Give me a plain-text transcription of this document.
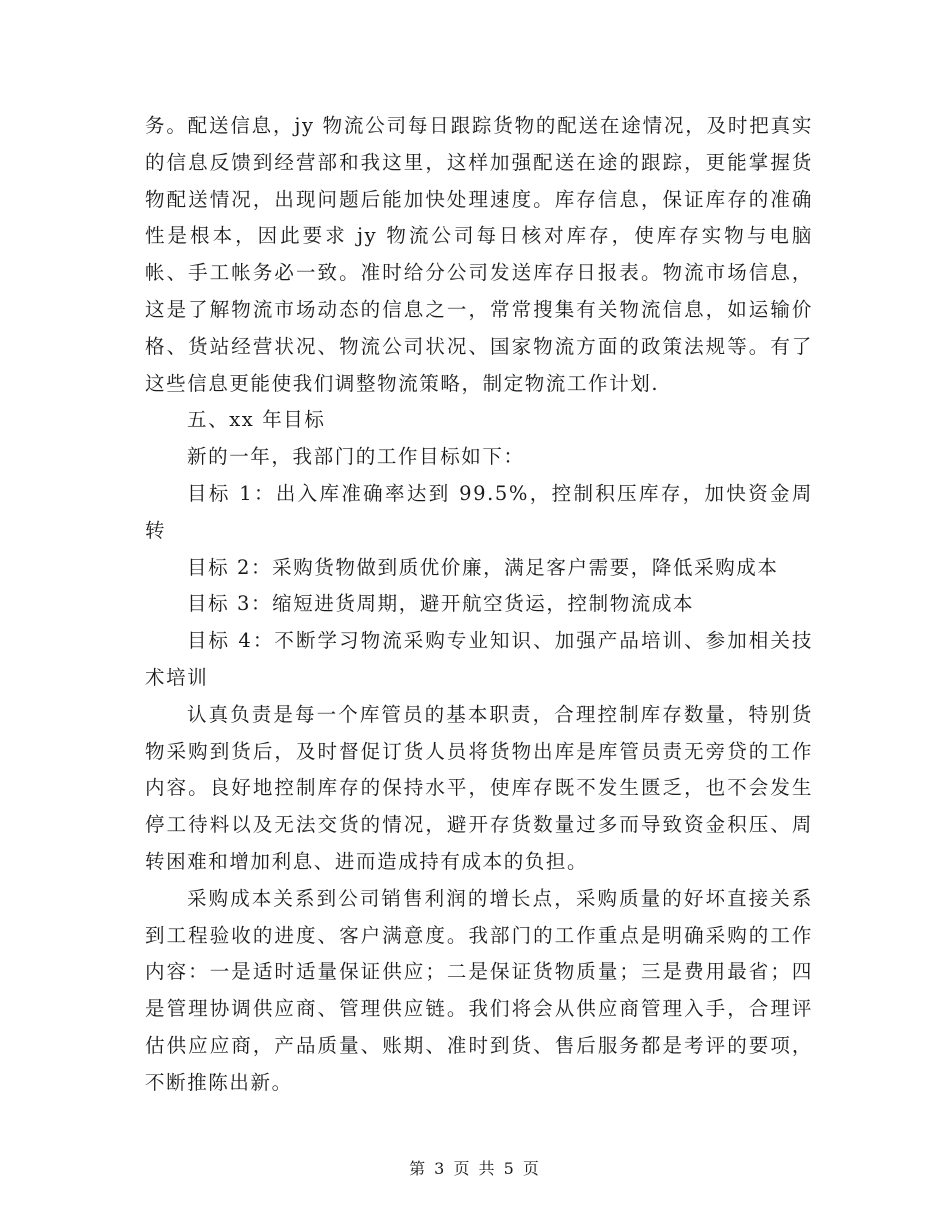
务。配送信息，jy 物流公司每日跟踪货物的配送在途情况，及时把真实的信息反馈到经营部和我这里，这样加强配送在途的跟踪，更能掌握货物配送情况，出现问题后能加快处理速度。库存信息，保证库存的准确性是根本，因此要求 jy 物流公司每日核对库存，使库存实物与电脑帐、手工帐务必一致。准时给分公司发送库存日报表。物流市场信息，这是了解物流市场动态的信息之一，常常搜集有关物流信息，如运输价格、货站经营状况、物流公司状况、国家物流方面的政策法规等。有了这些信息更能使我们调整物流策略，制定物流工作计划.

五、xx 年目标

新的一年，我部门的工作目标如下：

目标 1：出入库准确率达到 99.5%，控制积压库存，加快资金周转

目标 2：采购货物做到质优价廉，满足客户需要，降低采购成本

目标 3：缩短进货周期，避开航空货运，控制物流成本

目标 4：不断学习物流采购专业知识、加强产品培训、参加相关技术培训

认真负责是每一个库管员的基本职责，合理控制库存数量，特别货物采购到货后，及时督促订货人员将货物出库是库管员责无旁贷的工作内容。良好地控制库存的保持水平，使库存既不发生匮乏，也不会发生停工待料以及无法交货的情况，避开存货数量过多而导致资金积压、周转困难和增加利息、进而造成持有成本的负担。

采购成本关系到公司销售利润的增长点，采购质量的好坏直接关系到工程验收的进度、客户满意度。我部门的工作重点是明确采购的工作内容：一是适时适量保证供应；二是保证货物质量；三是费用最省；四是管理协调供应商、管理供应链。我们将会从供应商管理入手，合理评估供应应商，产品质量、账期、准时到货、售后服务都是考评的要项，不断推陈出新。

第 3 页 共 5 页
